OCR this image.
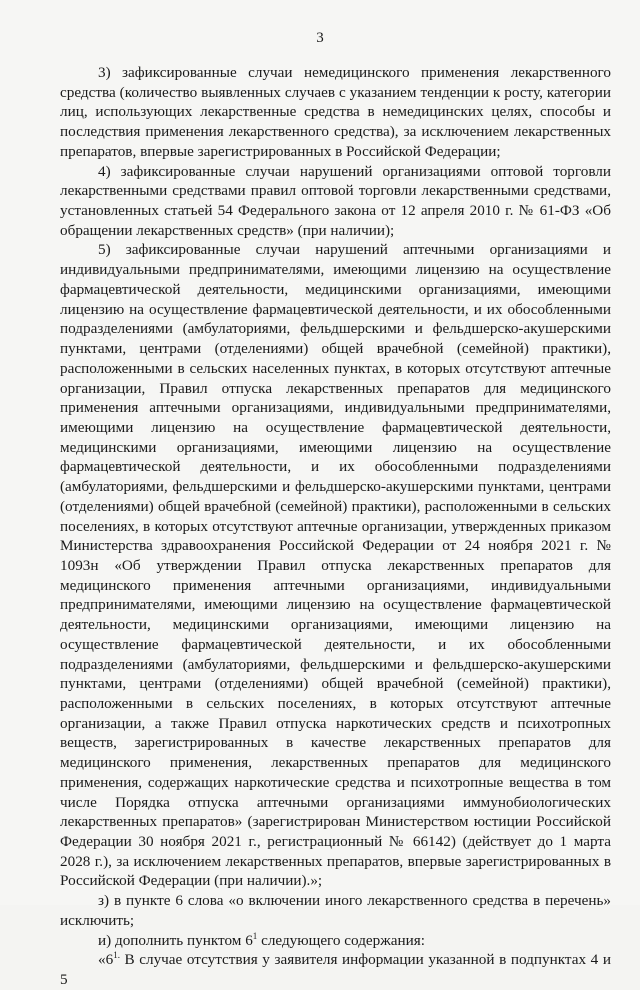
3

3) зафиксированные случаи немедицинского применения лекарственного средства (количество выявленных случаев с указанием тенденции к росту, категории лиц, использующих лекарственные средства в немедицинских целях, способы и последствия применения лекарственного средства), за исключением лекарственных препаратов, впервые зарегистрированных в Российской Федерации;

4) зафиксированные случаи нарушений организациями оптовой торговли лекарственными средствами правил оптовой торговли лекарственными средствами, установленных статьей 54 Федерального закона от 12 апреля 2010 г. № 61-ФЗ «Об обращении лекарственных средств» (при наличии);

5) зафиксированные случаи нарушений аптечными организациями и индивидуальными предпринимателями, имеющими лицензию на осуществление фармацевтической деятельности, медицинскими организациями, имеющими лицензию на осуществление фармацевтической деятельности, и их обособленными подразделениями (амбулаториями, фельдшерскими и фельдшерско-акушерскими пунктами, центрами (отделениями) общей врачебной (семейной) практики), расположенными в сельских населенных пунктах, в которых отсутствуют аптечные организации, Правил отпуска лекарственных препаратов для медицинского применения аптечными организациями, индивидуальными предпринимателями, имеющими лицензию на осуществление фармацевтической деятельности, медицинскими организациями, имеющими лицензию на осуществление фармацевтической деятельности, и их обособленными подразделениями (амбулаториями, фельдшерскими и фельдшерско-акушерскими пунктами, центрами (отделениями) общей врачебной (семейной) практики), расположенными в сельских поселениях, в которых отсутствуют аптечные организации, утвержденных приказом Министерства здравоохранения Российской Федерации от 24 ноября 2021 г. № 1093н «Об утверждении Правил отпуска лекарственных препаратов для медицинского применения аптечными организациями, индивидуальными предпринимателями, имеющими лицензию на осуществление фармацевтической деятельности, медицинскими организациями, имеющими лицензию на осуществление фармацевтической деятельности, и их обособленными подразделениями (амбулаториями, фельдшерскими и фельдшерско-акушерскими пунктами, центрами (отделениями) общей врачебной (семейной) практики), расположенными в сельских поселениях, в которых отсутствуют аптечные организации, а также Правил отпуска наркотических средств и психотропных веществ, зарегистрированных в качестве лекарственных препаратов для медицинского применения, лекарственных препаратов для медицинского применения, содержащих наркотические средства и психотропные вещества в том числе Порядка отпуска аптечными организациями иммунобиологических лекарственных препаратов» (зарегистрирован Министерством юстиции Российской Федерации 30 ноября 2021 г., регистрационный № 66142) (действует до 1 марта 2028 г.), за исключением лекарственных препаратов, впервые зарегистрированных в Российской Федерации (при наличии).»;

з) в пункте 6 слова «о включении иного лекарственного средства в перечень» исключить;

и) дополнить пунктом $6^1$ следующего содержания:

«$6^{1.}$ В случае отсутствия у заявителя информации указанной в подпунктах 4 и 5
